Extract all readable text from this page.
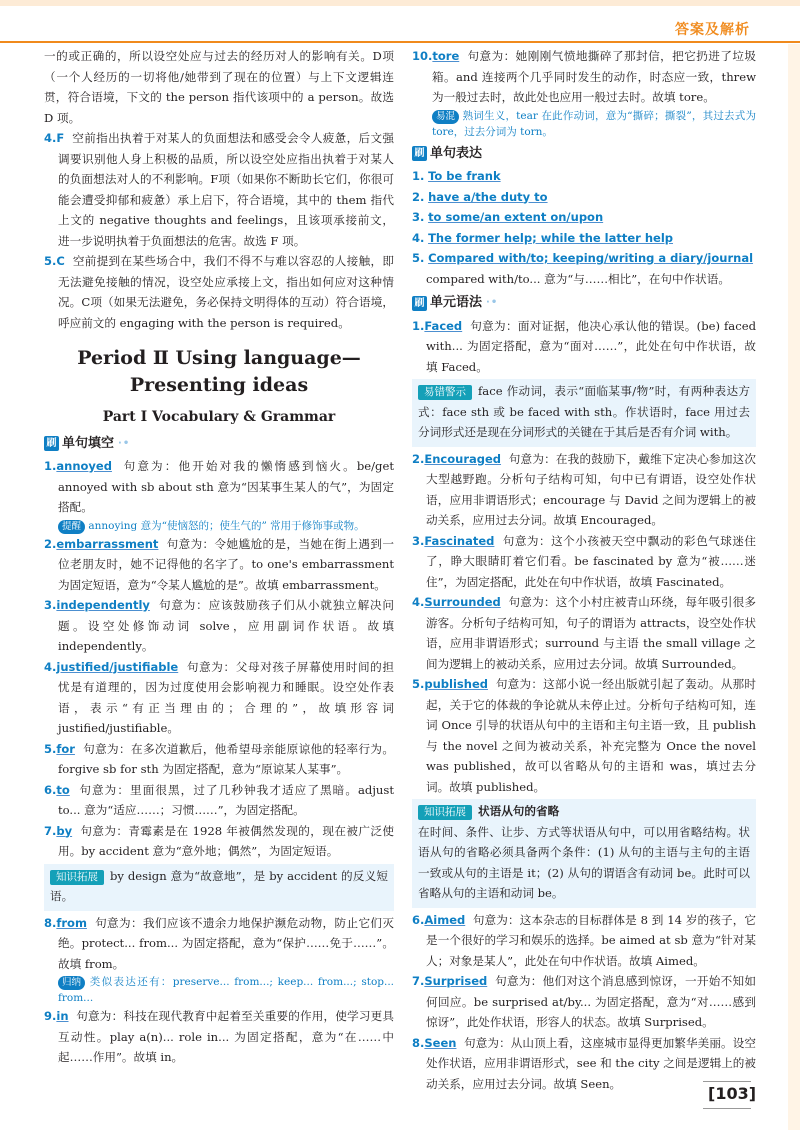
答案及解析

一的或正确的，所以设空处应与过去的经历对人的影响有关。D项（一个人经历的一切将他/她带到了现在的位置）与上下文逻辑连贯，符合语境，下文的 the person 指代该项中的 a person。故选 D 项。

4.F 空前指出执着于对某人的负面想法和感受会令人疲惫，后文强调要识别他人身上积极的品质，所以设空处应指出执着于对某人的负面想法对人的不利影响。F项（如果你不断助长它们，你很可能会遭受抑郁和疲惫）承上启下，符合语境，其中的 them 指代上文的 negative thoughts and feelings，且该项承接前文，进一步说明执着于负面想法的危害。故选 F 项。

5.C 空前提到在某些场合中，我们不得不与难以容忍的人接触，即无法避免接触的情况，设空处应承接上文，指出如何应对这种情况。C项（如果无法避免，务必保持文明得体的互动）符合语境，呼应前文的 engaging with the person is required。

Period Ⅱ Using language—
Presenting ideas
Part Ⅰ Vocabulary & Grammar
刷 单句填空 ·•

1.annoyed 句意为：他开始对我的懒惰感到恼火。be/get annoyed with sb about sth 意为“因某事生某人的气”，为固定搭配。

提醒 annoying 意为“使恼怒的；使生气的” 常用于修饰事或物。

2.embarrassment 句意为：令她尴尬的是，当她在街上遇到一位老朋友时，她不记得他的名字了。to one's embarrassment 为固定短语，意为“令某人尴尬的是”。故填 embarrassment。

3.independently 句意为：应该鼓励孩子们从小就独立解决问题。设空处修饰动词 solve，应用副词作状语。故填 independently。

4.justified/justifiable 句意为：父母对孩子屏幕使用时间的担忧是有道理的，因为过度使用会影响视力和睡眠。设空处作表语，表示“有正当理由的；合理的”，故填形容词 justified/justifiable。

5.for 句意为：在多次道歉后，他希望母亲能原谅他的轻率行为。forgive sb for sth 为固定搭配，意为“原谅某人某事”。

6.to 句意为：里面很黑，过了几秒钟我才适应了黑暗。adjust to... 意为“适应……；习惯……”，为固定搭配。

7.by 句意为：青霉素是在 1928 年被偶然发现的，现在被广泛使用。by accident 意为“意外地；偶然”，为固定短语。

知识拓展 by design 意为“故意地”，是 by accident 的反义短语。

8.from 句意为：我们应该不遗余力地保护濒危动物，防止它们灭绝。protect... from... 为固定搭配，意为“保护……免于……”。故填 from。

归纳 类似表达还有：preserve... from...; keep... from...; stop... from...

9.in 句意为：科技在现代教育中起着至关重要的作用，使学习更具互动性。play a(n)... role in... 为固定搭配，意为“在……中起……作用”。故填 in。

10.tore 句意为：她刚刚气愤地撕碎了那封信，把它扔进了垃圾箱。and 连接两个几乎同时发生的动作，时态应一致，threw 为一般过去时，故此处也应用一般过去时。故填 tore。

易混 熟词生义，tear 在此作动词，意为“撕碎；撕裂”，其过去式为 tore，过去分词为 torn。
刷 单句表达

1. To be frank

2. have a/the duty to

3. to some/an extent on/upon

4. The former help; while the latter help

5. Compared with/to; keeping/writing a diary/journal

compared with/to... 意为“与……相比”，在句中作状语。

刷 单元语法 ·•

1.Faced 句意为：面对证据，他决心承认他的错误。(be) faced with... 为固定搭配，意为“面对……”，此处在句中作状语，故填 Faced。

易错警示 face 作动词，表示“面临某事/物”时，有两种表达方式：face sth 或 be faced with sth。作状语时，face 用过去分词形式还是现在分词形式的关键在于其后是否有介词 with。

2.Encouraged 句意为：在我的鼓励下，戴维下定决心参加这次大型越野跑。分析句子结构可知，句中已有谓语，设空处作状语，应用非谓语形式；encourage 与 David 之间为逻辑上的被动关系，应用过去分词。故填 Encouraged。

3.Fascinated 句意为：这个小孩被天空中飘动的彩色气球迷住了，睁大眼睛盯着它们看。be fascinated by 意为“被……迷住”，为固定搭配，此处在句中作状语，故填 Fascinated。

4.Surrounded 句意为：这个小村庄被青山环绕，每年吸引很多游客。分析句子结构可知，句子的谓语为 attracts，设空处作状语，应用非谓语形式；surround 与主语 the small village 之间为逻辑上的被动关系，应用过去分词。故填 Surrounded。

5.published 句意为：这部小说一经出版就引起了轰动。从那时起，关于它的体裁的争论就从未停止过。分析句子结构可知，连词 Once 引导的状语从句中的主语和主句主语一致，且 publish 与 the novel 之间为被动关系，补充完整为 Once the novel was published，故可以省略从句的主语和 was，填过去分词。故填 published。

知识拓展 状语从句的省略
在时间、条件、让步、方式等状语从句中，可以用省略结构。状语从句的省略必须具备两个条件：(1) 从句的主语与主句的主语一致或从句的主语是 it；(2) 从句的谓语含有动词 be。此时可以省略从句的主语和动词 be。

6.Aimed 句意为：这本杂志的目标群体是 8 到 14 岁的孩子，它是一个很好的学习和娱乐的选择。be aimed at sb 意为“针对某人；对象是某人”，此处在句中作状语。故填 Aimed。

7.Surprised 句意为：他们对这个消息感到惊讶，一开始不知如何回应。be surprised at/by... 为固定搭配，意为“对……感到惊讶”，此处作状语，形容人的状态。故填 Surprised。

8.Seen 句意为：从山顶上看，这座城市显得更加繁华美丽。设空处作状语，应用非谓语形式，see 和 the city 之间是逻辑上的被动关系，应用过去分词。故填 Seen。

[103]
